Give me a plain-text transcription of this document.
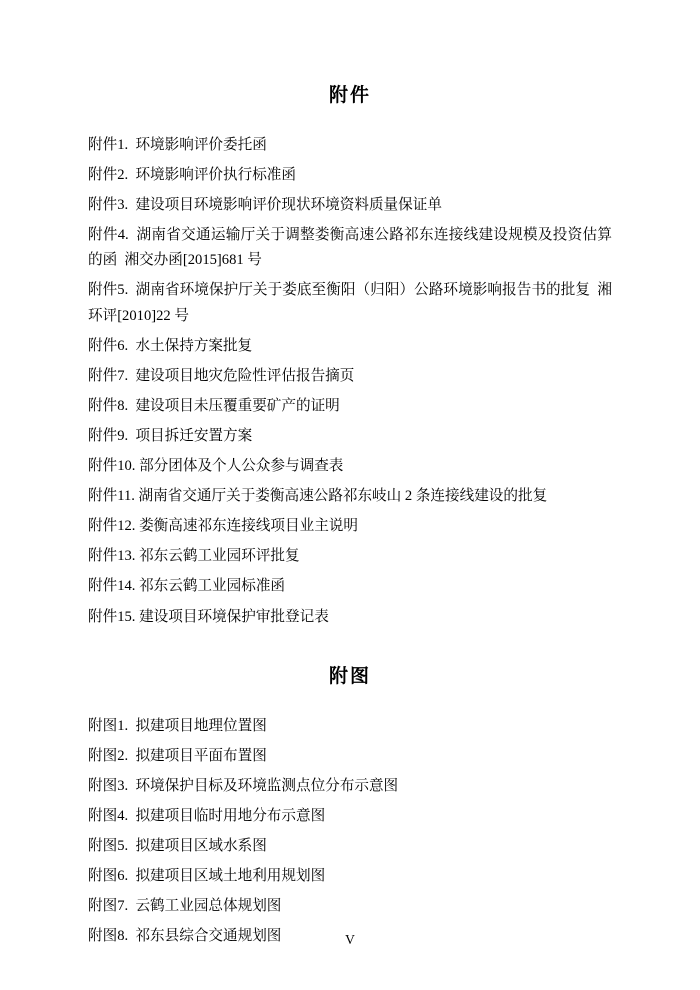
附件
附件1.  环境影响评价委托函
附件2.  环境影响评价执行标准函
附件3.  建设项目环境影响评价现状环境资料质量保证单
附件4.  湖南省交通运输厅关于调整娄衡高速公路祁东连接线建设规模及投资估算的函  湘交办函[2015]681 号
附件5.  湖南省环境保护厅关于娄底至衡阳（归阳）公路环境影响报告书的批复  湘环评[2010]22 号
附件6.  水土保持方案批复
附件7.  建设项目地灾危险性评估报告摘页
附件8.  建设项目未压覆重要矿产的证明
附件9.  项目拆迁安置方案
附件10. 部分团体及个人公众参与调查表
附件11. 湖南省交通厅关于娄衡高速公路祁东岐山 2 条连接线建设的批复
附件12. 娄衡高速祁东连接线项目业主说明
附件13. 祁东云鹤工业园环评批复
附件14. 祁东云鹤工业园标准函
附件15. 建设项目环境保护审批登记表
附图
附图1.  拟建项目地理位置图
附图2.  拟建项目平面布置图
附图3.  环境保护目标及环境监测点位分布示意图
附图4.  拟建项目临时用地分布示意图
附图5.  拟建项目区域水系图
附图6.  拟建项目区域土地利用规划图
附图7.  云鹤工业园总体规划图
附图8.  祁东县综合交通规划图	V
